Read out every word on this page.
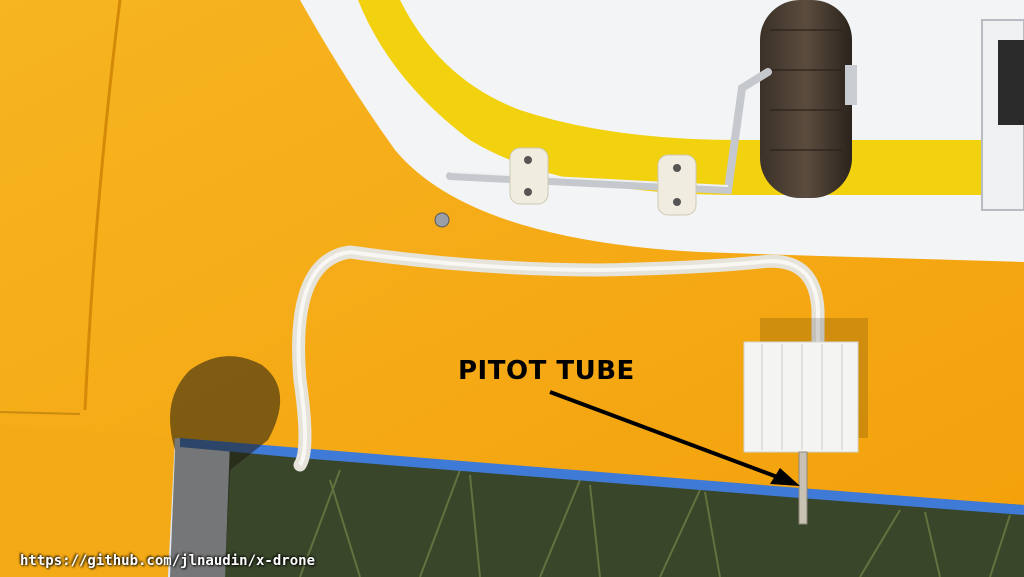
PITOT TUBE
https://github.com/jlnaudin/x-drone
